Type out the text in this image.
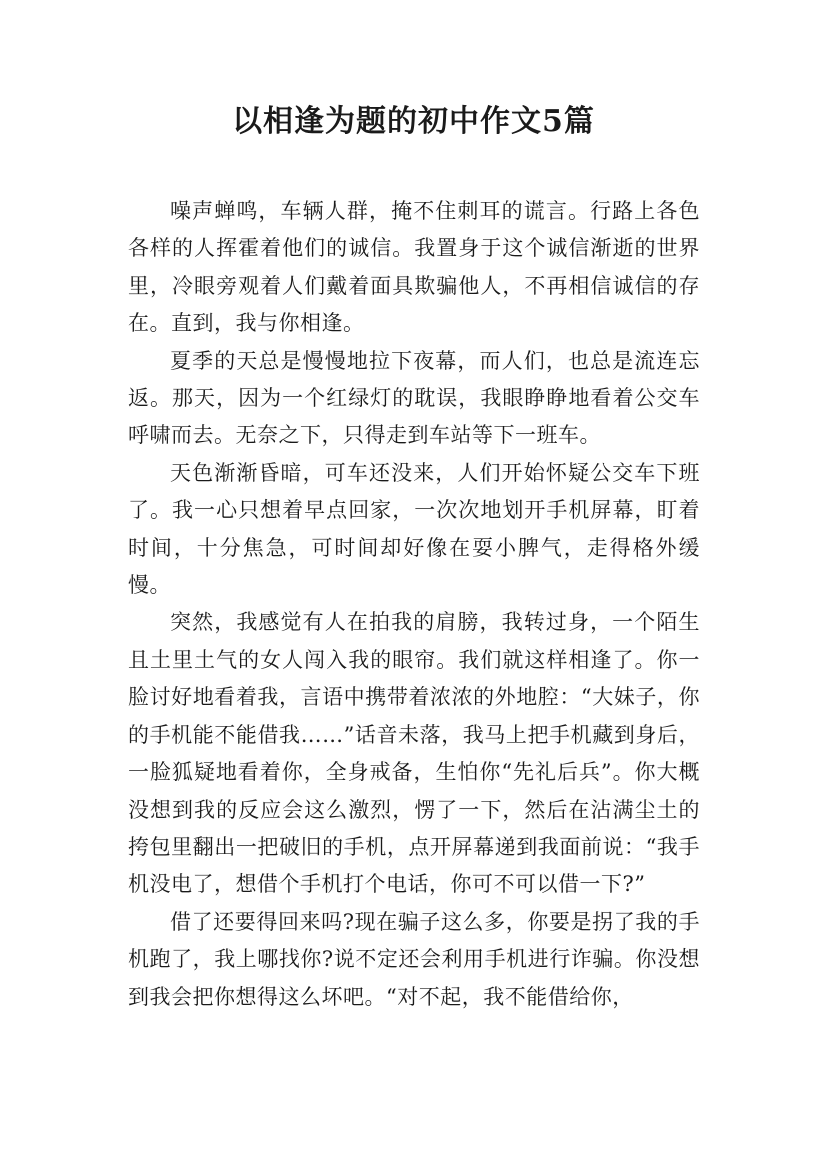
以相逢为题的初中作文5篇

噪声蝉鸣，车辆人群，掩不住刺耳的谎言。行路上各色各样的人挥霍着他们的诚信。我置身于这个诚信渐逝的世界里，冷眼旁观着人们戴着面具欺骗他人，不再相信诚信的存在。直到，我与你相逢。

夏季的天总是慢慢地拉下夜幕，而人们，也总是流连忘返。那天，因为一个红绿灯的耽误，我眼睁睁地看着公交车呼啸而去。无奈之下，只得走到车站等下一班车。

天色渐渐昏暗，可车还没来，人们开始怀疑公交车下班了。我一心只想着早点回家，一次次地划开手机屏幕，盯着时间，十分焦急，可时间却好像在耍小脾气，走得格外缓慢。

突然，我感觉有人在拍我的肩膀，我转过身，一个陌生且土里土气的女人闯入我的眼帘。我们就这样相逢了。你一脸讨好地看着我，言语中携带着浓浓的外地腔：“大妹子，你的手机能不能借我……”话音未落，我马上把手机藏到身后，一脸狐疑地看着你，全身戒备，生怕你“先礼后兵”。你大概没想到我的反应会这么激烈，愣了一下，然后在沾满尘土的挎包里翻出一把破旧的手机，点开屏幕递到我面前说：“我手机没电了，想借个手机打个电话，你可不可以借一下?”

借了还要得回来吗?现在骗子这么多，你要是拐了我的手机跑了，我上哪找你?说不定还会利用手机进行诈骗。你没想到我会把你想得这么坏吧。“对不起，我不能借给你，
